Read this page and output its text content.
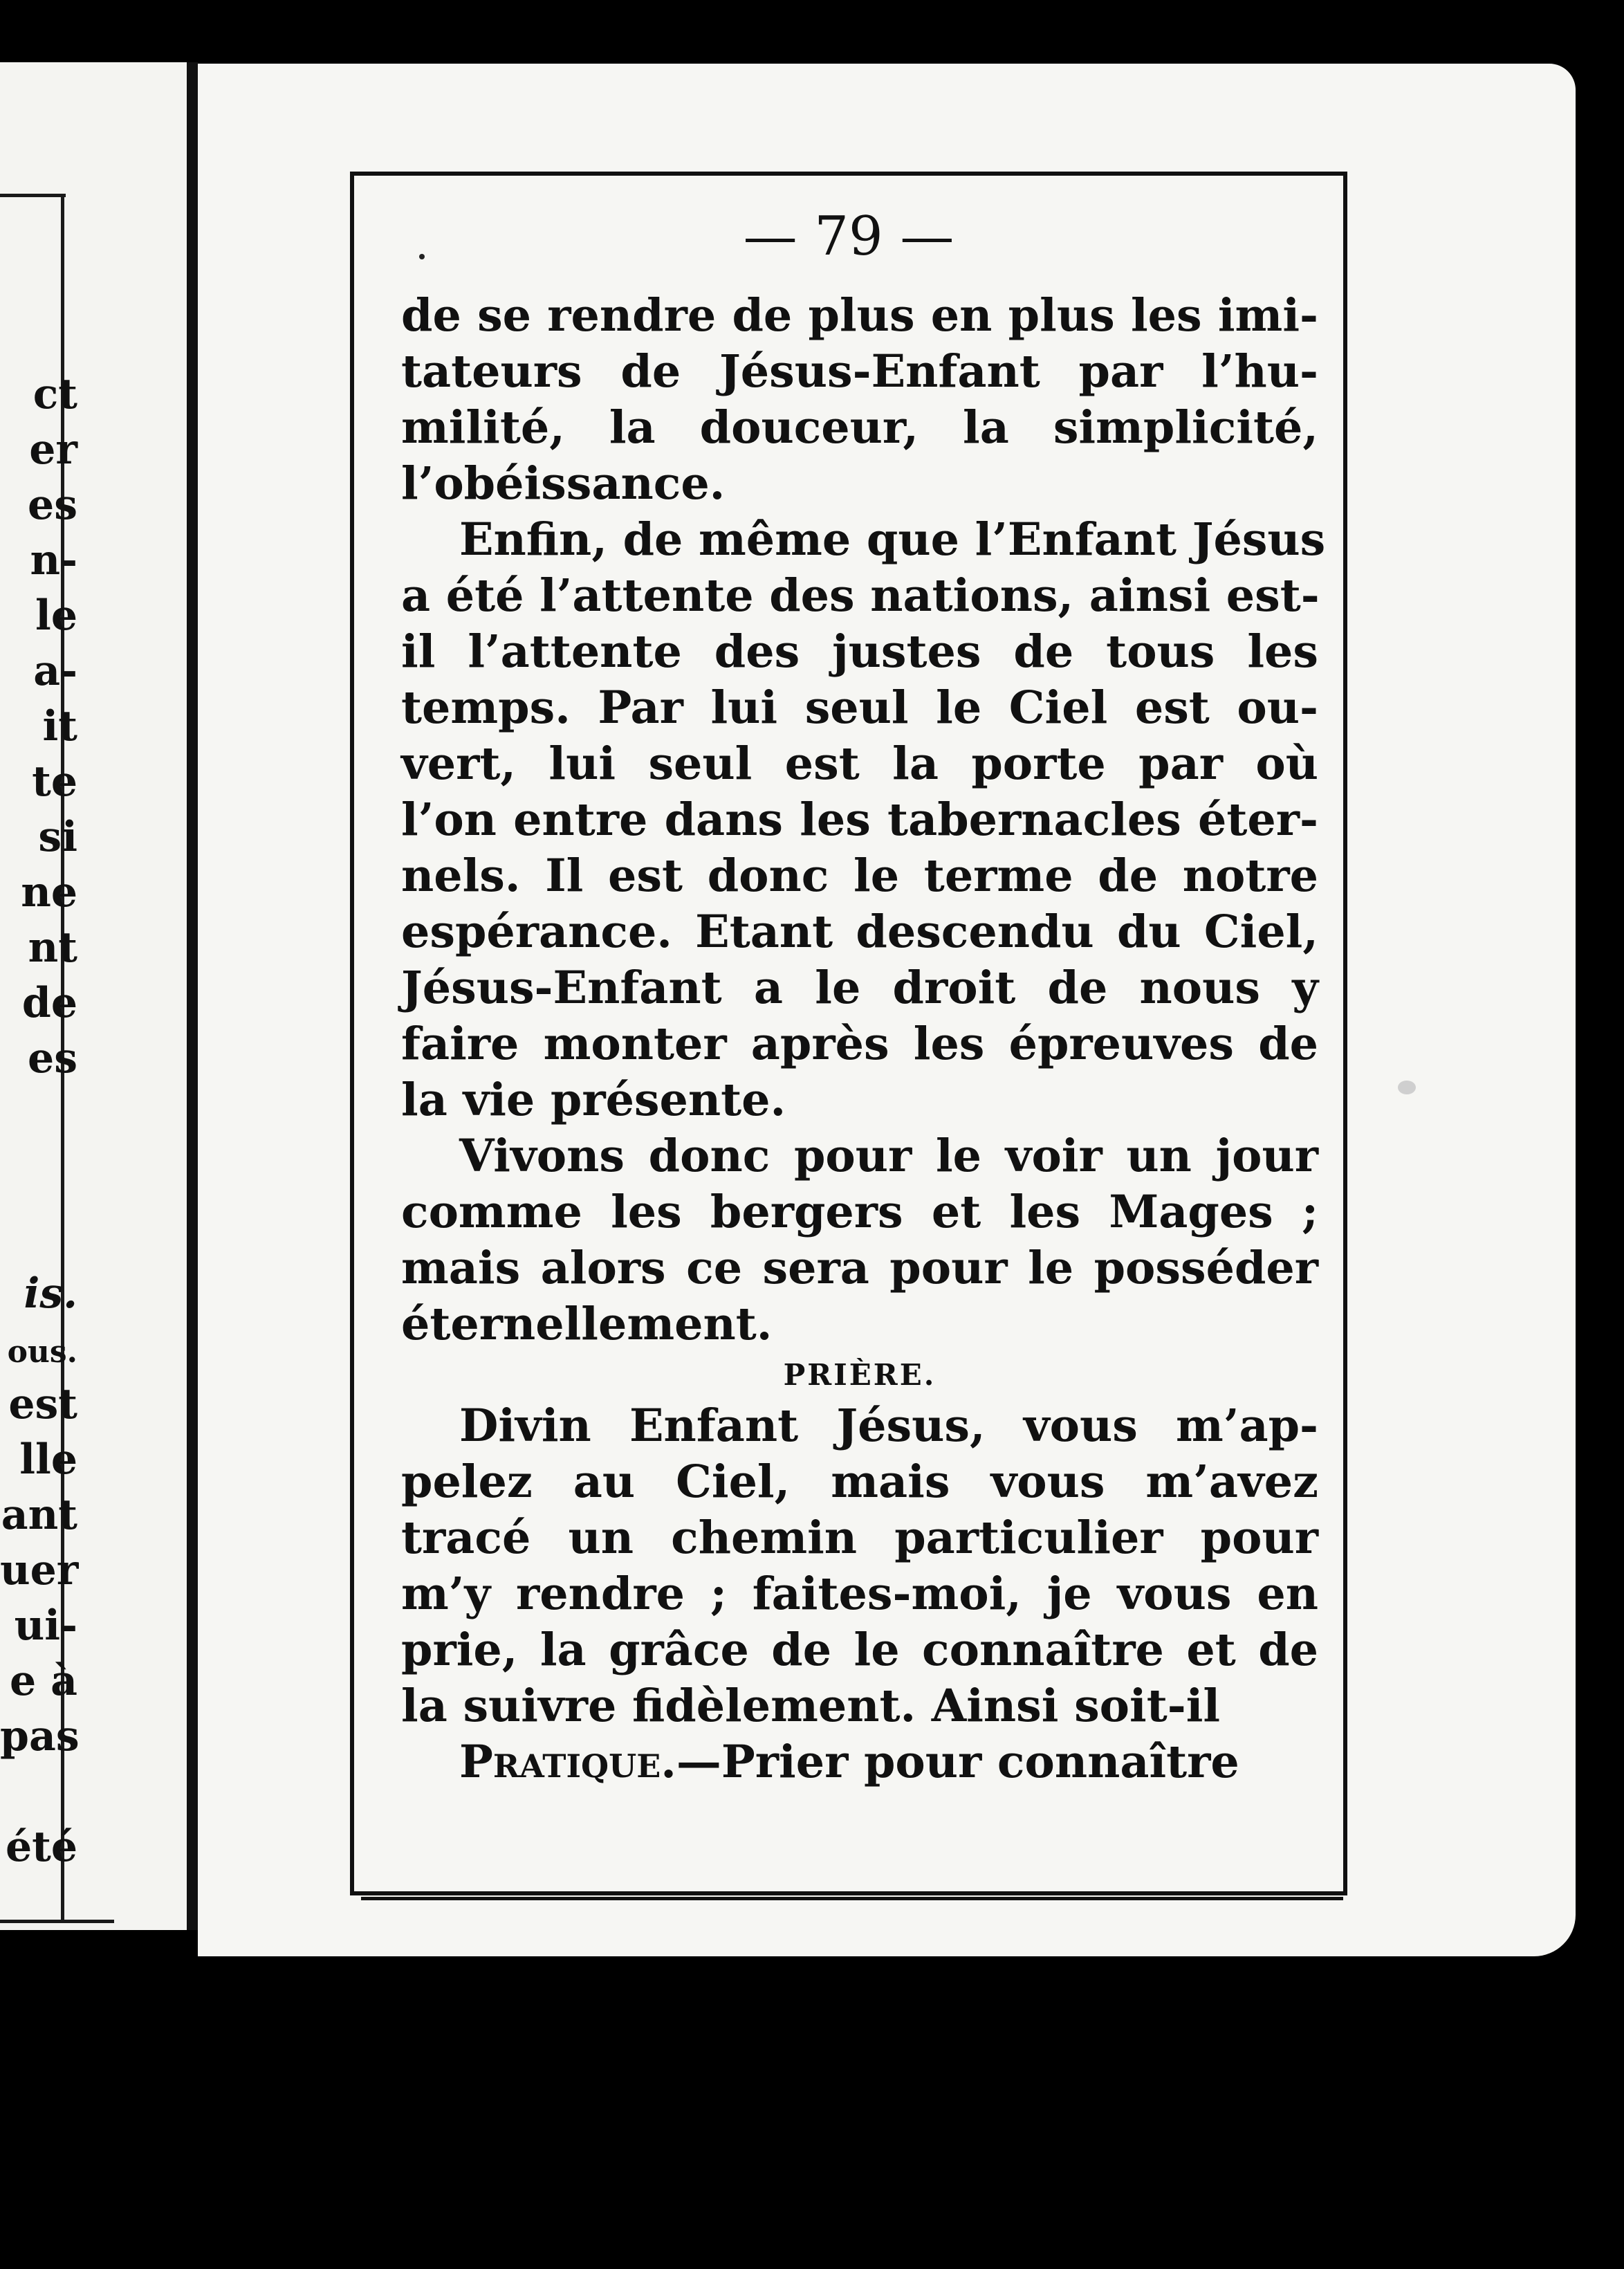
ct
er
es
n-
le
a-
it
te
si
ne
nt
de
es
is.
ous.
est
lle
ant
uer
ui-
e à
pas
été
— 79 —
de se rendre de plus en plus les imi-
tateurs de Jésus-Enfant par l’hu-
milité, la douceur, la simplicité,
l’obéissance.
Enfin, de même que l’Enfant Jésus
a été l’attente des nations, ainsi est-
il l’attente des justes de tous les
temps. Par lui seul le Ciel est ou-
vert, lui seul est la porte par où
l’on entre dans les tabernacles éter-
nels. Il est donc le terme de notre
espérance. Etant descendu du Ciel,
Jésus-Enfant a le droit de nous y
faire monter après les épreuves de
la vie présente.
Vivons donc pour le voir un jour
comme les bergers et les Mages ;
mais alors ce sera pour le posséder
éternellement.
PRIÈRE.
Divin Enfant Jésus, vous m’ap-
pelez au Ciel, mais vous m’avez
tracé un chemin particulier pour
m’y rendre ; faites-moi, je vous en
prie, la grâce de le connaître et de
la suivre fidèlement. Ainsi soit-il
Pratique.—Prier pour connaître
